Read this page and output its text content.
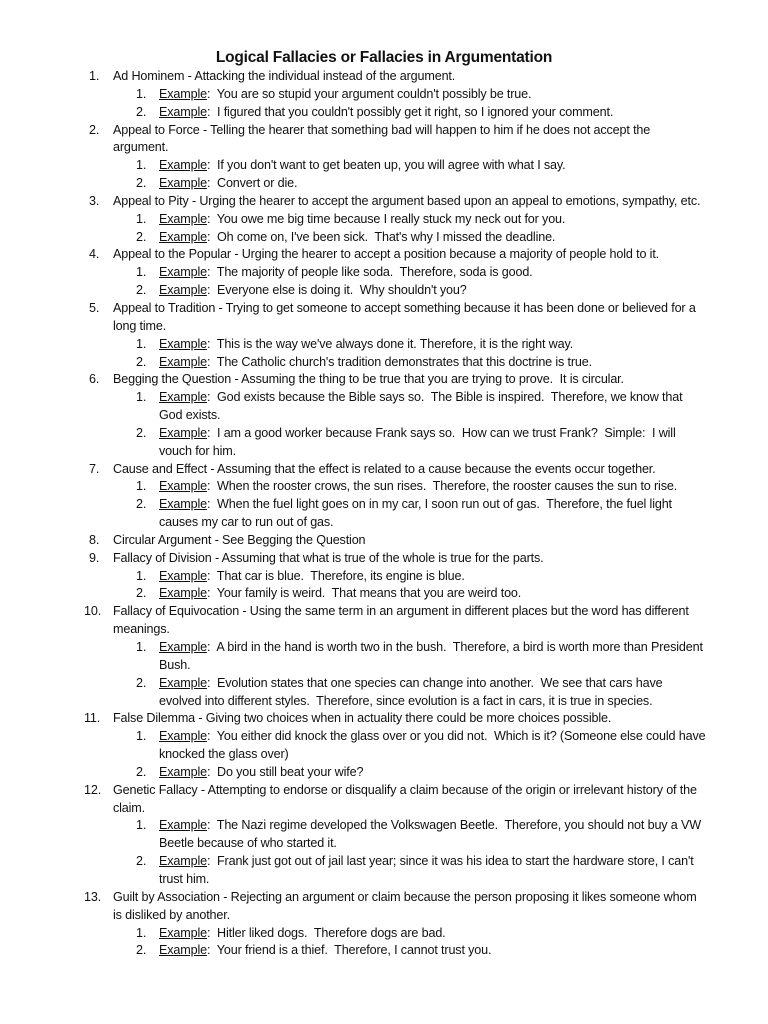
Logical Fallacies or Fallacies in Argumentation
1. Ad Hominem - Attacking the individual instead of the argument.
1. Example:  You are so stupid your argument couldn't possibly be true.
2. Example:  I figured that you couldn't possibly get it right, so I ignored your comment.
2. Appeal to Force - Telling the hearer that something bad will happen to him if he does not accept the argument.
1. Example:  If you don't want to get beaten up, you will agree with what I say.
2. Example:  Convert or die.
3. Appeal to Pity - Urging the hearer to accept the argument based upon an appeal to emotions, sympathy, etc.
1. Example:  You owe me big time because I really stuck my neck out for you.
2. Example:  Oh come on, I've been sick.  That's why I missed the deadline.
4. Appeal to the Popular - Urging the hearer to accept a position because a majority of people hold to it.
1. Example:  The majority of people like soda.  Therefore, soda is good.
2. Example:  Everyone else is doing it.  Why shouldn't you?
5. Appeal to Tradition - Trying to get someone to accept something because it has been done or believed for a long time.
1. Example:  This is the way we've always done it. Therefore, it is the right way.
2. Example:  The Catholic church's tradition demonstrates that this doctrine is true.
6. Begging the Question - Assuming the thing to be true that you are trying to prove.  It is circular.
1. Example:  God exists because the Bible says so.  The Bible is inspired.  Therefore, we know that God exists.
2. Example:  I am a good worker because Frank says so.  How can we trust Frank?  Simple:  I will vouch for him.
7. Cause and Effect - Assuming that the effect is related to a cause because the events occur together.
1. Example:  When the rooster crows, the sun rises.  Therefore, the rooster causes the sun to rise.
2. Example:  When the fuel light goes on in my car, I soon run out of gas.  Therefore, the fuel light causes my car to run out of gas.
8. Circular Argument - See Begging the Question
9. Fallacy of Division - Assuming that what is true of the whole is true for the parts.
1. Example:  That car is blue.  Therefore, its engine is blue.
2. Example:  Your family is weird.  That means that you are weird too.
10. Fallacy of Equivocation - Using the same term in an argument in different places but the word has different meanings.
1. Example:  A bird in the hand is worth two in the bush.  Therefore, a bird is worth more than President Bush.
2. Example:  Evolution states that one species can change into another.  We see that cars have evolved into different styles.  Therefore, since evolution is a fact in cars, it is true in species.
11. False Dilemma - Giving two choices when in actuality there could be more choices possible.
1. Example:  You either did knock the glass over or you did not.  Which is it? (Someone else could have knocked the glass over)
2. Example:  Do you still beat your wife?
12. Genetic Fallacy - Attempting to endorse or disqualify a claim because of the origin or irrelevant history of the claim.
1. Example:  The Nazi regime developed the Volkswagen Beetle.  Therefore, you should not buy a VW Beetle because of who started it.
2. Example:  Frank just got out of jail last year; since it was his idea to start the hardware store, I can't trust him.
13. Guilt by Association - Rejecting an argument or claim because the person proposing it likes someone whom is disliked by another.
1. Example:  Hitler liked dogs.  Therefore dogs are bad.
2. Example:  Your friend is a thief.  Therefore, I cannot trust you.
